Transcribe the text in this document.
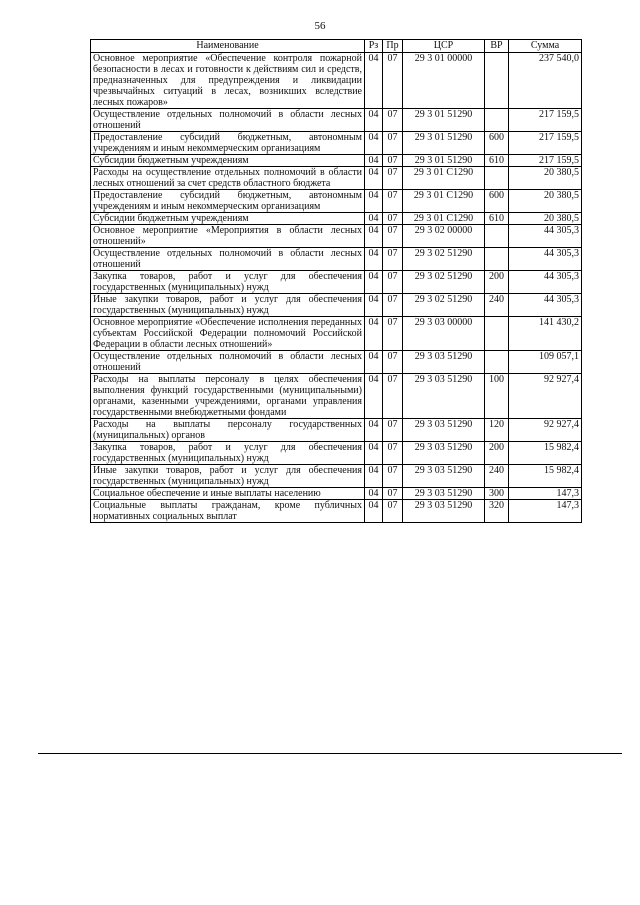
56
Наименование	Рз	Пр	ЦСР	ВР	Сумма
Основное мероприятие «Обеспечение контроля пожарной безопасности в лесах и готовности к действиям сил и средств, предназначенных для предупреждения и ликвидации чрезвычайных ситуаций в лесах, возникших вследствие лесных пожаров»	04	07	29 3 01 00000		237 540,0
Осуществление отдельных полномочий в области лесных отношений	04	07	29 3 01 51290		217 159,5
Предоставление субсидий бюджетным, автономным учреждениям и иным некоммерческим организациям	04	07	29 3 01 51290	600	217 159,5
Субсидии бюджетным учреждениям	04	07	29 3 01 51290	610	217 159,5
Расходы на осуществление отдельных полномочий в области лесных отношений за счет средств областного бюджета	04	07	29 3 01 С1290		20 380,5
Предоставление субсидий бюджетным, автономным учреждениям и иным некоммерческим организациям	04	07	29 3 01 С1290	600	20 380,5
Субсидии бюджетным учреждениям	04	07	29 3 01 С1290	610	20 380,5
Основное мероприятие «Мероприятия в области лесных отношений»	04	07	29 3 02 00000		44 305,3
Осуществление отдельных полномочий в области лесных отношений	04	07	29 3 02 51290		44 305,3
Закупка товаров, работ и услуг для обеспечения государственных (муниципальных) нужд	04	07	29 3 02 51290	200	44 305,3
Иные закупки товаров, работ и услуг для обеспечения государственных (муниципальных) нужд	04	07	29 3 02 51290	240	44 305,3
Основное мероприятие «Обеспечение исполнения переданных субъектам Российской Федерации полномочий Российской Федерации в области лесных отношений»	04	07	29 3 03 00000		141 430,2
Осуществление отдельных полномочий в области лесных отношений	04	07	29 3 03 51290		109 057,1
Расходы на выплаты персоналу в целях обеспечения выполнения функций государственными (муниципальными) органами, казенными учреждениями, органами управления государственными внебюджетными фондами	04	07	29 3 03 51290	100	92 927,4
Расходы на выплаты персоналу государственных (муниципальных) органов	04	07	29 3 03 51290	120	92 927,4
Закупка товаров, работ и услуг для обеспечения государственных (муниципальных) нужд	04	07	29 3 03 51290	200	15 982,4
Иные закупки товаров, работ и услуг для обеспечения государственных (муниципальных) нужд	04	07	29 3 03 51290	240	15 982,4
Социальное обеспечение и иные выплаты населению	04	07	29 3 03 51290	300	147,3
Социальные выплаты гражданам, кроме публичных нормативных социальных выплат	04	07	29 3 03 51290	320	147,3
